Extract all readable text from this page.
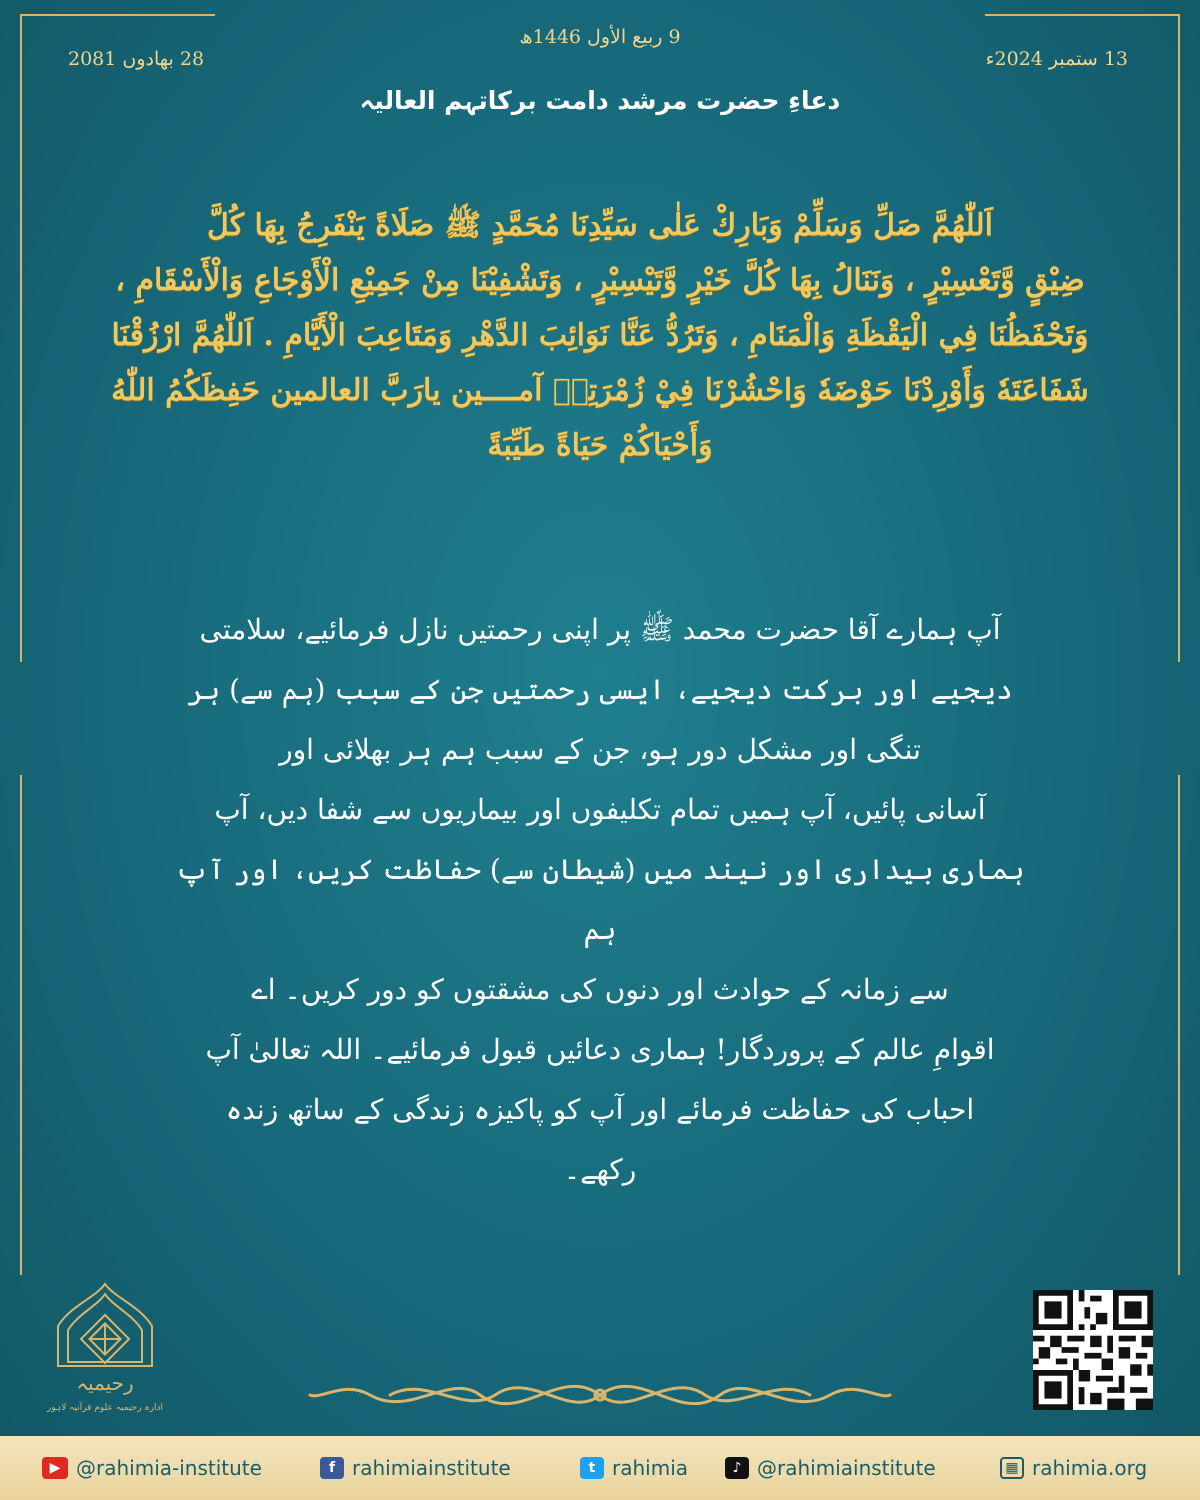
9 ربیع الأول 1446ھ
13 ستمبر 2024ء
28 بھادوں 2081
دعاءِ حضرت مرشد دامت برکاتہم العالیہ
اَللّٰھُمَّ صَلِّ وَسَلِّمْ وَبَارِكْ عَلٰى سَيِّدِنَا مُحَمَّدٍ ﷺ صَلَاةً يَنْفَرِجُ بِهَا كُلَّ
ضِيْقٍ وَّتَعْسِيْرٍ ، وَنَنَالُ بِهَا كُلَّ خَيْرٍ وَّتَيْسِيْرٍ ، وَتَشْفِيْنَا مِنْ جَمِيْعِ الْأَوْجَاعِ وَالْأَسْقَامِ ،
وَتَحْفَظُنَا فِي الْيَقْظَةِ وَالْمَنَامِ ، وَتَرُدُّ عَنَّا نَوَائِبَ الدَّهْرِ وَمَتَاعِبَ الْأَيَّامِ . اَللّٰھُمَّ ارْزُقْنَا
شَفَاعَتَهٗ وَأَوْرِدْنَا حَوْضَهٗ وَاحْشُرْنَا فِيْ زُمْرَتِهٖ آمــــين يارَبَّ العالمين حَفِظَكُمُ اللّٰهُ
وَأَحْيَاكُمْ حَيَاةً طَيِّبَةً
آپ ہمارے آقا حضرت محمد ﷺ پر اپنی رحمتیں نازل فرمائیے، سلامتی
دیجیے اور برکت دیجیے، ایسی رحمتیں جن کے سبب (ہم سے) ہر
تنگی اور مشکل دور ہو، جن کے سبب ہم ہر بھلائی اور
آسانی پائیں، آپ ہمیں تمام تکلیفوں اور بیماریوں سے شفا دیں، آپ
ہماری بیداری اور نیند میں (شیطان سے) حفاظت کریں، اور آپ ہم
سے زمانہ کے حوادث اور دنوں کی مشقتوں کو دور کریں۔ اے
اقوامِ عالم کے پروردگار! ہماری دعائیں قبول فرمائیے۔ اللہ تعالیٰ آپ
احباب کی حفاظت فرمائے اور آپ کو پاکیزہ زندگی کے ساتھ زندہ
رکھے۔
رحیمیہ
ادارہ رحیمیہ علوم قرآنیہ لاہور
▶ @rahimia-institute	f rahimiainstitute	t rahimia	♪ @rahimiainstitute	▦ rahimia.org
